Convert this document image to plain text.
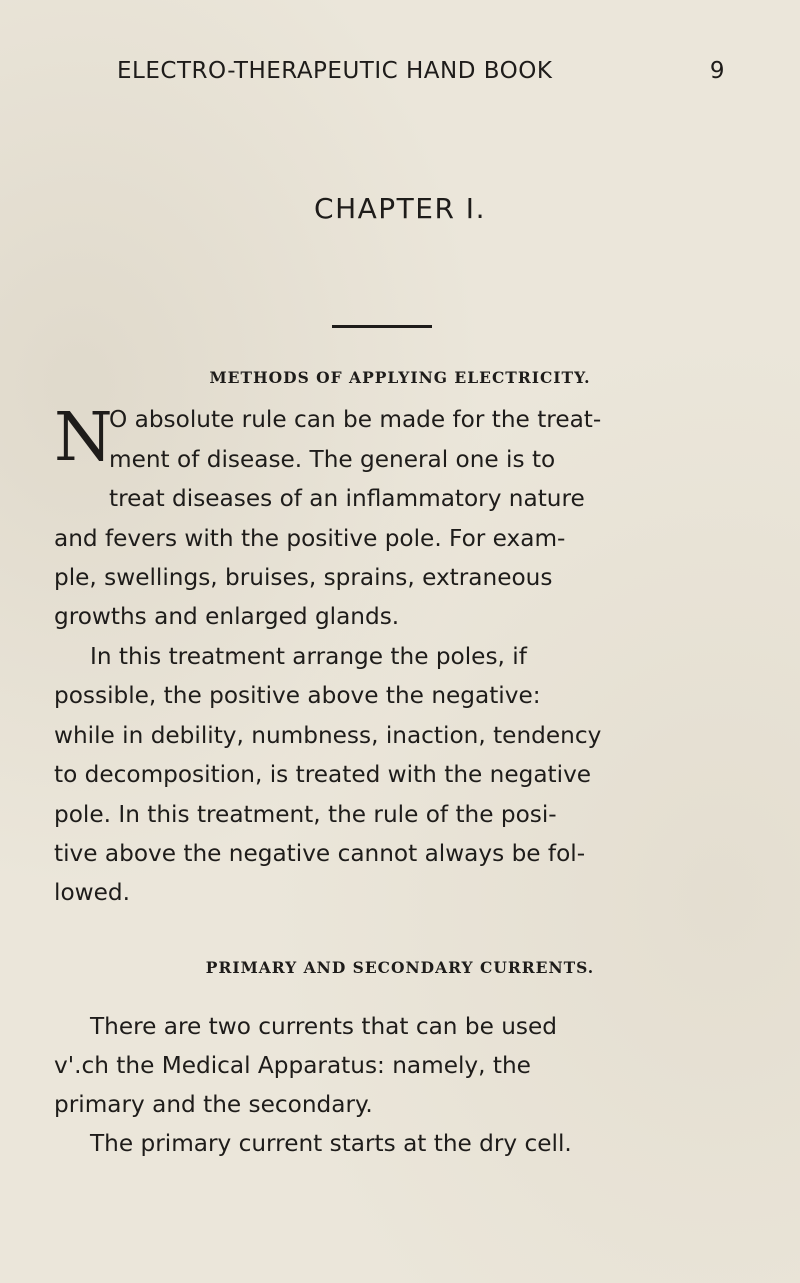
ELECTRO-THERAPEUTIC HAND BOOK	9
CHAPTER I.
METHODS OF APPLYING ELECTRICITY.
N
O absolute rule can be made for the treat-
ment of disease. The general one is to
treat diseases of an inflammatory nature
and fevers with the positive pole. For exam-
ple, swellings, bruises, sprains, extraneous
growths and enlarged glands.
In this treatment arrange the poles, if
possible, the positive above the negative:
while in debility, numbness, inaction, tendency
to decomposition, is treated with the negative
pole. In this treatment, the rule of the posi-
tive above the negative cannot always be fol-
lowed.
PRIMARY AND SECONDARY CURRENTS.
There are two currents that can be used
v'.ch the Medical Apparatus: namely, the
primary and the secondary.
The primary current starts at the dry cell.
